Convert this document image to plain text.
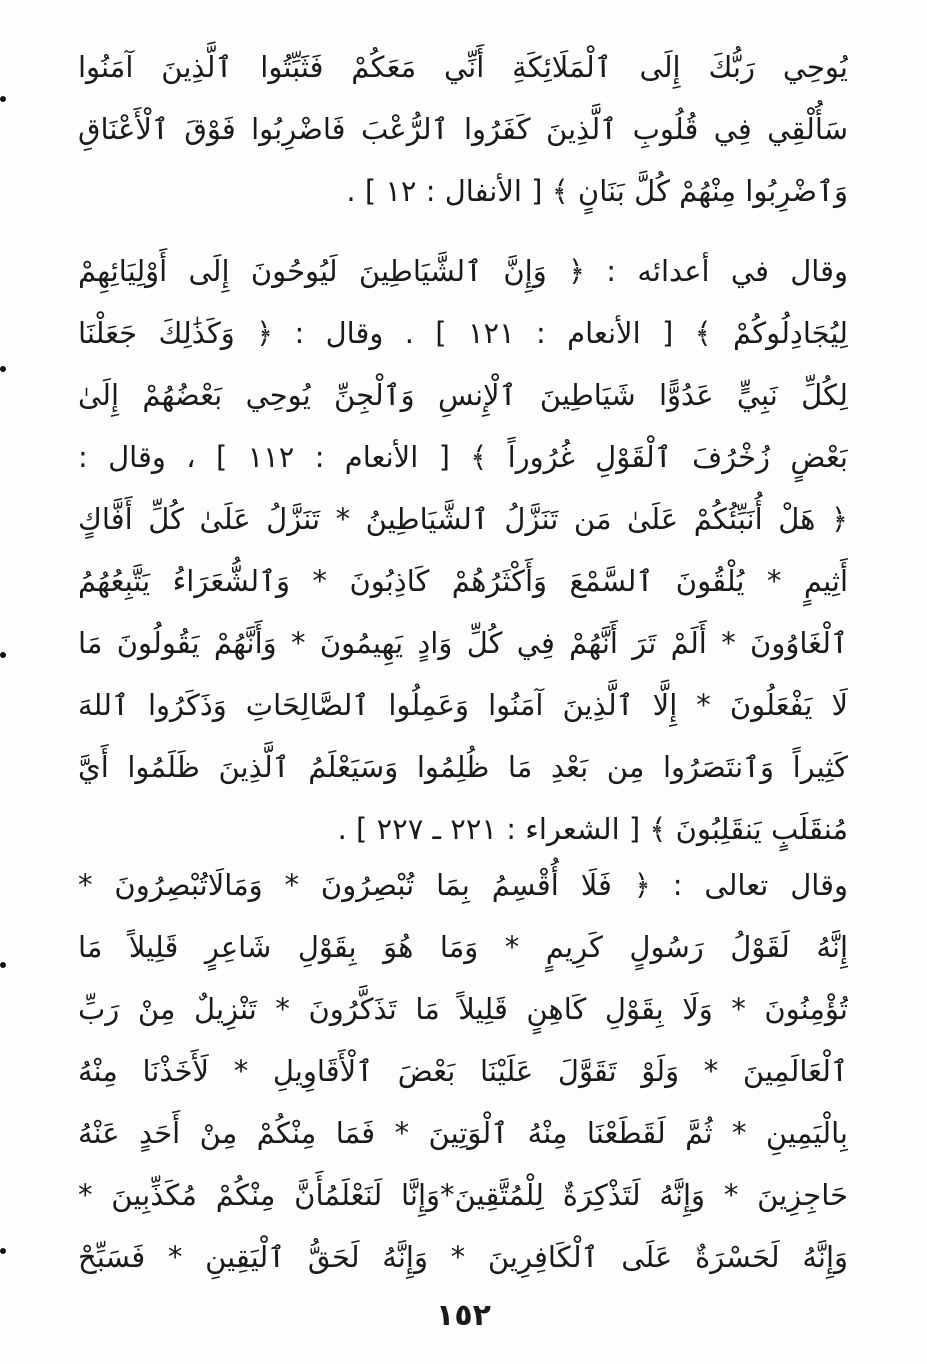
يُوحِي رَبُّكَ إِلَى ٱلْمَلَائِكَةِ أَنِّي مَعَكُمْ فَثَبِّتُوا ٱلَّذِينَ آمَنُوا
سَأُلْقِي فِي قُلُوبِ ٱلَّذِينَ كَفَرُوا ٱلرُّعْبَ فَاضْرِبُوا فَوْقَ ٱلْأَعْنَاقِ
وَٱضْرِبُوا مِنْهُمْ كُلَّ بَنَانٍ ﴾ [ الأنفال : ١٢ ] .
وقال في أعدائه : ﴿ وَإِنَّ ٱلشَّيَاطِينَ لَيُوحُونَ إِلَى أَوْلِيَائِهِمْ
لِيُجَادِلُوكُمْ ﴾ [ الأنعام : ١٢١ ] . وقال : ﴿ وَكَذَٰلِكَ جَعَلْنَا
لِكُلِّ نَبِيٍّ عَدُوًّا شَيَاطِينَ ٱلْإِنسِ وَٱلْجِنِّ يُوحِي بَعْضُهُمْ إِلَىٰ
بَعْضٍ زُخْرُفَ ٱلْقَوْلِ غُرُوراً ﴾ [ الأنعام : ١١٢ ] ، وقال :
﴿ هَلْ أُنَبِّئُكُمْ عَلَىٰ مَن تَنَزَّلُ ٱلشَّيَاطِينُ * تَنَزَّلُ عَلَىٰ كُلِّ أَفَّاكٍ
أَثِيمٍ * يُلْقُونَ ٱلسَّمْعَ وَأَكْثَرُهُمْ كَاذِبُونَ * وَٱلشُّعَرَاءُ يَتَّبِعُهُمُ
ٱلْغَاوُونَ * أَلَمْ تَرَ أَنَّهُمْ فِي كُلِّ وَادٍ يَهِيمُونَ * وَأَنَّهُمْ يَقُولُونَ مَا
لَا يَفْعَلُونَ * إِلَّا ٱلَّذِينَ آمَنُوا وَعَمِلُوا ٱلصَّالِحَاتِ وَذَكَرُوا ٱللهَ
كَثِيراً وَٱنتَصَرُوا مِن بَعْدِ مَا ظُلِمُوا وَسَيَعْلَمُ ٱلَّذِينَ ظَلَمُوا أَيَّ
مُنقَلَبٍ يَنقَلِبُونَ ﴾ [ الشعراء : ٢٢١ ـ ٢٢٧ ] .
وقال تعالى : ﴿ فَلَا أُقْسِمُ بِمَا تُبْصِرُونَ * وَمَالَاتُبْصِرُونَ *
إِنَّهُ لَقَوْلُ رَسُولٍ كَرِيمٍ * وَمَا هُوَ بِقَوْلِ شَاعِرٍ قَلِيلاً مَا
تُؤْمِنُونَ * وَلَا بِقَوْلِ كَاهِنٍ قَلِيلاً مَا تَذَكَّرُونَ * تَنْزِيلٌ مِنْ رَبِّ
ٱلْعَالَمِينَ * وَلَوْ تَقَوَّلَ عَلَيْنَا بَعْضَ ٱلْأَقَاوِيلِ * لَأَخَذْنَا مِنْهُ
بِالْيَمِينِ * ثُمَّ لَقَطَعْنَا مِنْهُ ٱلْوَتِينَ * فَمَا مِنْكُمْ مِنْ أَحَدٍ عَنْهُ
حَاجِزِينَ * وَإِنَّهُ لَتَذْكِرَةٌ لِلْمُتَّقِينَ*وَإِنَّا لَنَعْلَمُأَنَّ مِنْكُمْ مُكَذِّبِينَ *
وَإِنَّهُ لَحَسْرَةٌ عَلَى ٱلْكَافِرِينَ * وَإِنَّهُ لَحَقُّ ٱلْيَقِينِ * فَسَبِّحْ
١٥٢
